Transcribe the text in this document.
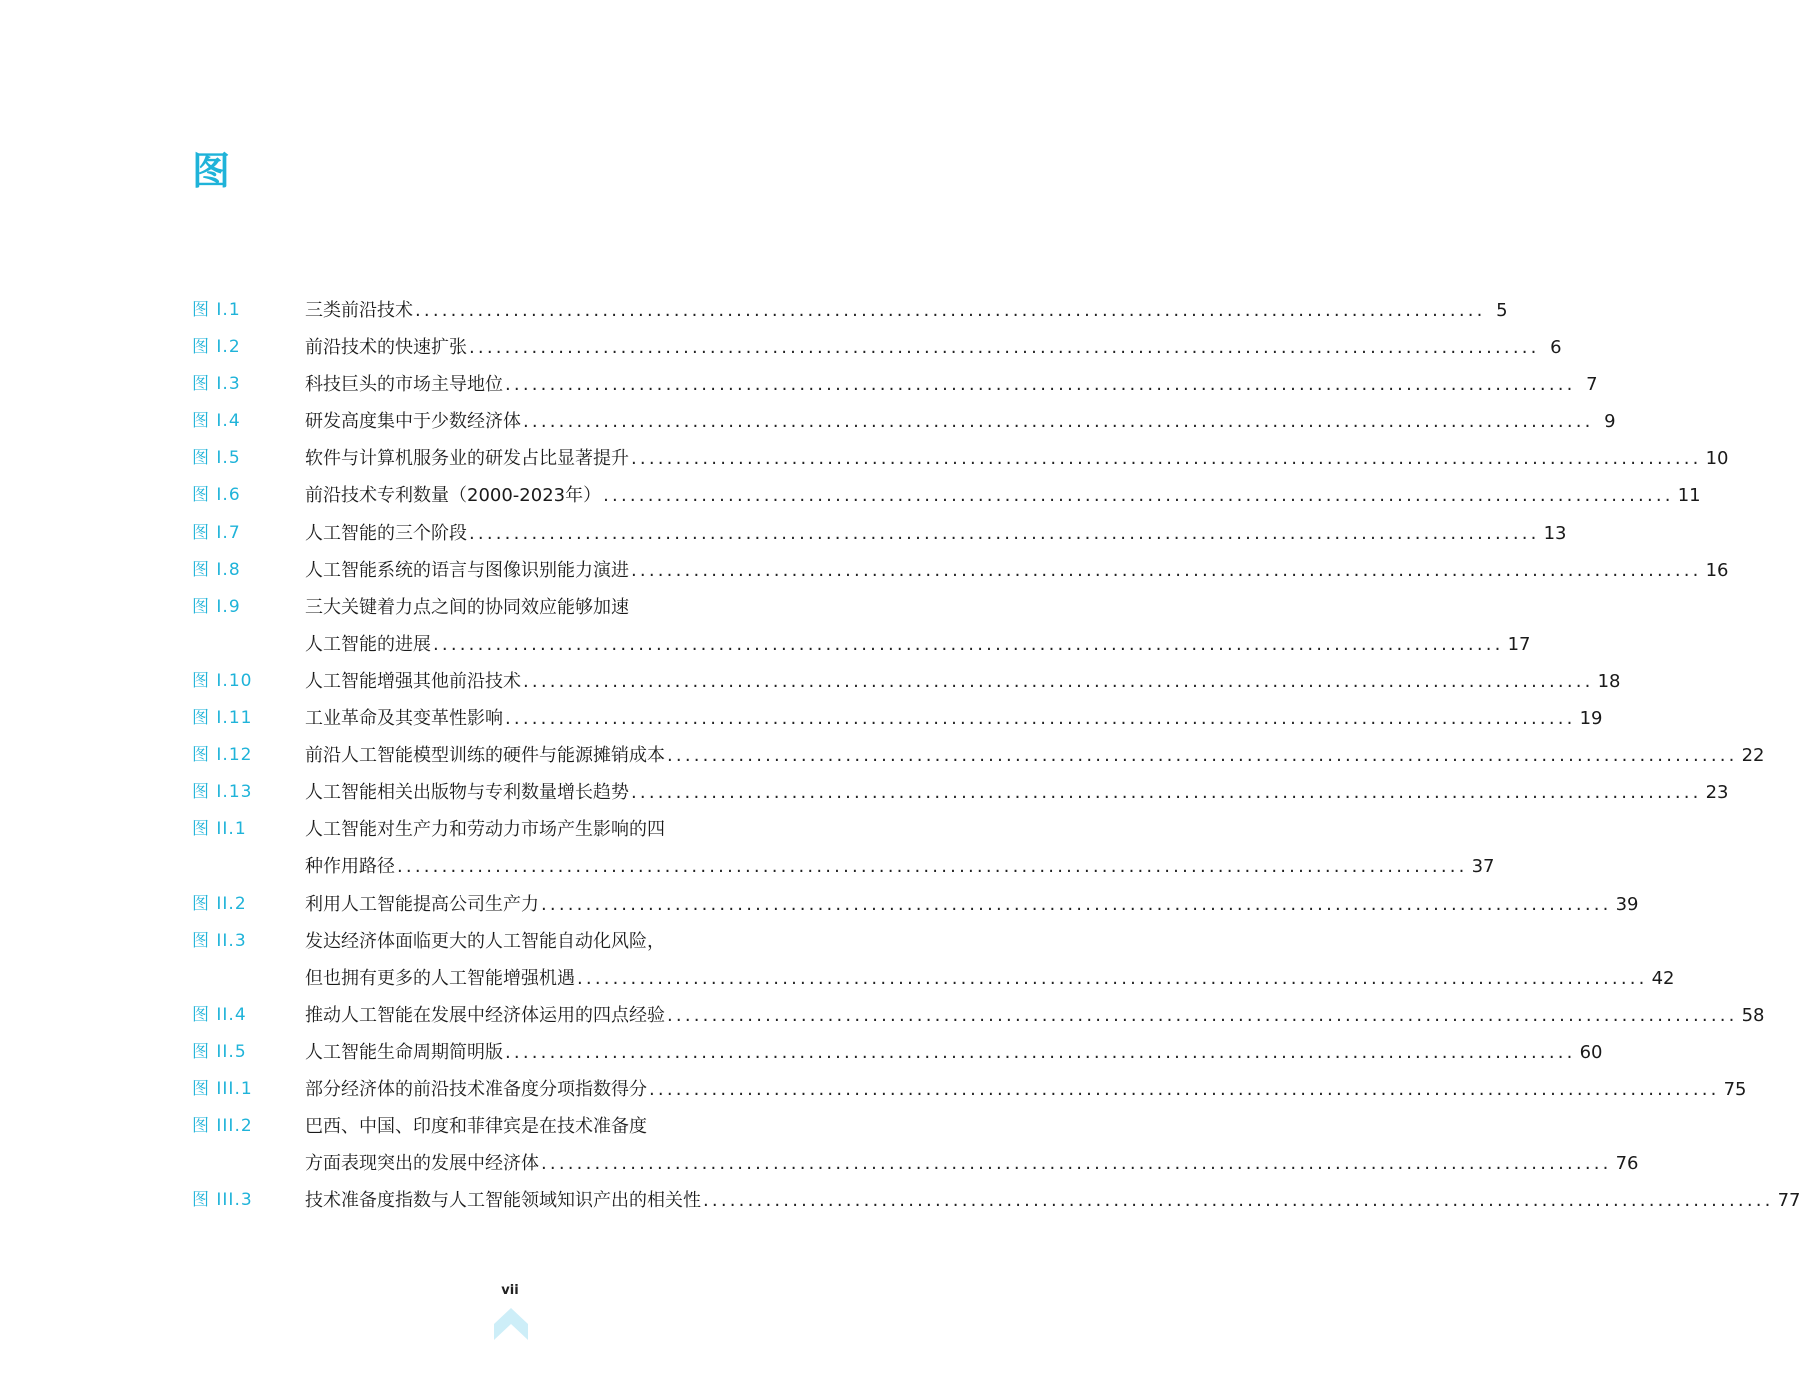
图
图 I.1	三类前沿技术 ........................................................................................................................ 5
图 I.2	前沿技术的快速扩张 ........................................................................................................................ 6
图 I.3	科技巨头的市场主导地位 ........................................................................................................................ 7
图 I.4	研发高度集中于少数经济体 ........................................................................................................................ 9
图 I.5	软件与计算机服务业的研发占比显著提升 ........................................................................................................................ 10
图 I.6	前沿技术专利数量（2000-2023年） ........................................................................................................................ 11
图 I.7	人工智能的三个阶段 ........................................................................................................................ 13
图 I.8	人工智能系统的语言与图像识别能力演进 ........................................................................................................................ 16
图 I.9	三大关键着力点之间的协同效应能够加速
人工智能的进展 ........................................................................................................................ 17
图 I.10	人工智能增强其他前沿技术 ........................................................................................................................ 18
图 I.11	工业革命及其变革性影响 ........................................................................................................................ 19
图 I.12	前沿人工智能模型训练的硬件与能源摊销成本 ........................................................................................................................ 22
图 I.13	人工智能相关出版物与专利数量增长趋势 ........................................................................................................................ 23
图 II.1	人工智能对生产力和劳动力市场产生影响的四
种作用路径 ........................................................................................................................ 37
图 II.2	利用人工智能提高公司生产力 ........................................................................................................................ 39
图 II.3	发达经济体面临更大的人工智能自动化风险，
但也拥有更多的人工智能增强机遇 ........................................................................................................................ 42
图 II.4	推动人工智能在发展中经济体运用的四点经验 ........................................................................................................................ 58
图 II.5	人工智能生命周期简明版 ........................................................................................................................ 60
图 III.1	部分经济体的前沿技术准备度分项指数得分 ........................................................................................................................ 75
图 III.2	巴西、中国、印度和菲律宾是在技术准备度
方面表现突出的发展中经济体 ........................................................................................................................ 76
图 III.3	技术准备度指数与人工智能领域知识产出的相关性 ........................................................................................................................ 77
vii
